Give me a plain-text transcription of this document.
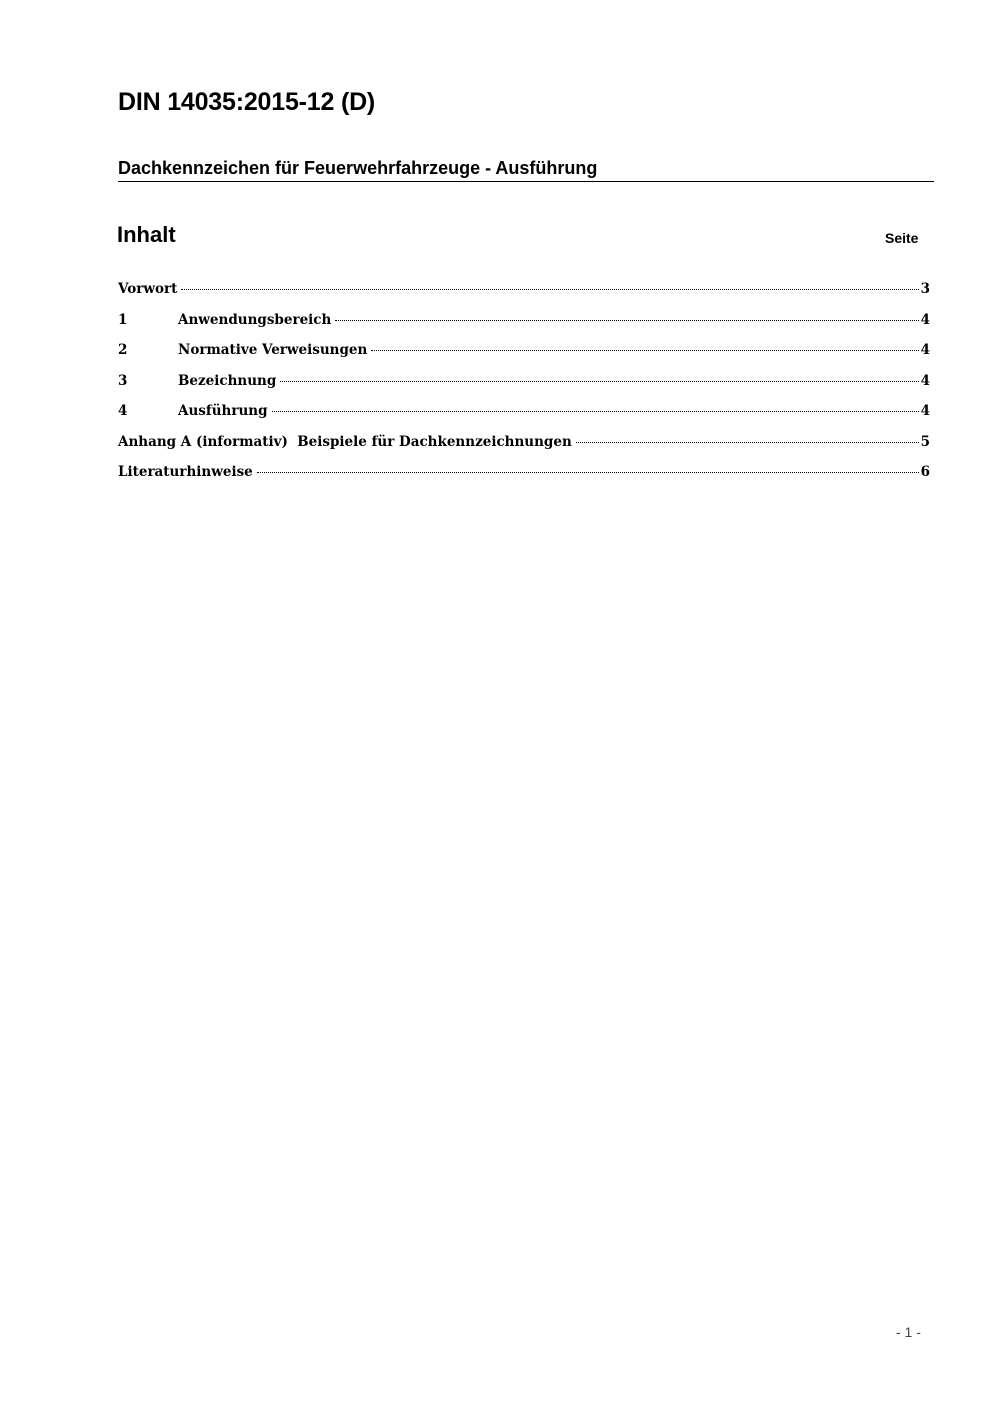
DIN 14035:2015-12 (D)
Dachkennzeichen für Feuerwehrfahrzeuge - Ausführung
Inhalt	Seite
Vorwort	3
1	Anwendungsbereich	4
2	Normative Verweisungen	4
3	Bezeichnung	4
4	Ausführung	4
Anhang A (informativ)  Beispiele für Dachkennzeichnungen	5
Literaturhinweise	6
- 1 -
